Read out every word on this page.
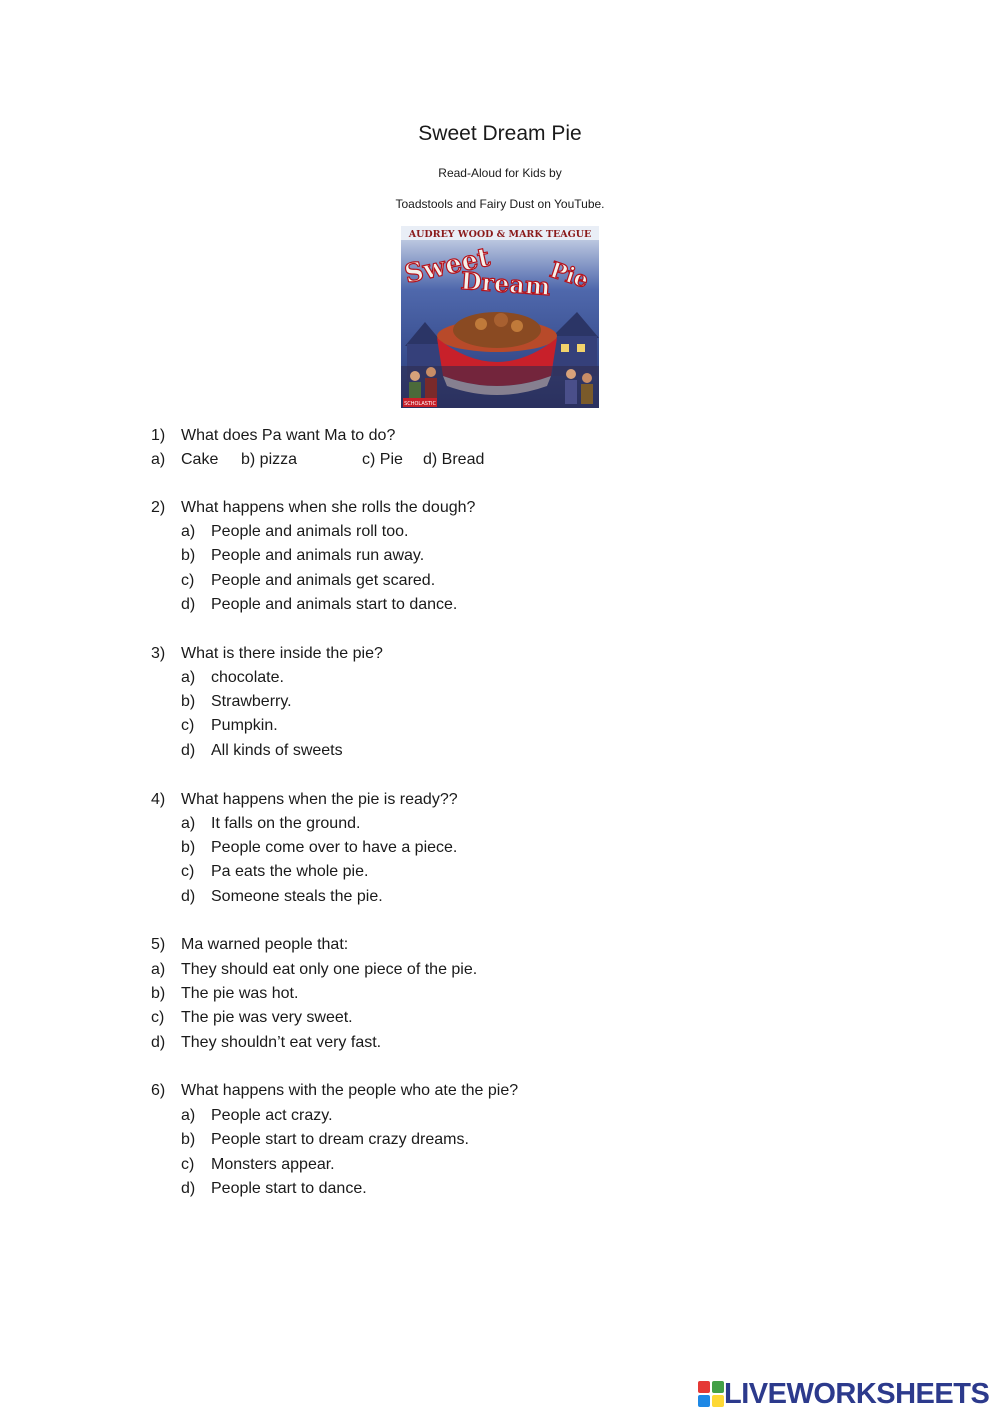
Sweet Dream Pie
Read-Aloud for Kids by
Toadstools and Fairy Dust on YouTube.
AUDREY WOOD & MARK TEAGUE
Sweet
Dream
Pie
SCHOLASTIC
1) What does Pa want Ma to do?
a) Cake b) pizza	c) Pie d) Bread
2) What happens when she rolls the dough?
a) People and animals roll too.
b) People and animals run away.
c) People and animals get scared.
d) People and animals start to dance.
3) What is there inside the pie?
a) chocolate.
b) Strawberry.
c) Pumpkin.
d) All kinds of sweets
4) What happens when the pie is ready??
a) It falls on the ground.
b) People come over to have a piece.
c) Pa eats the whole pie.
d) Someone steals the pie.
5) Ma warned people that:
a) They should eat only one piece of the pie.
b) The pie was hot.
c) The pie was very sweet.
d) They shouldn’t eat very fast.
6) What happens with the people who ate the pie?
a) People act crazy.
b) People start to dream crazy dreams.
c) Monsters appear.
d) People start to dance.
LIVEWORKSHEETS
